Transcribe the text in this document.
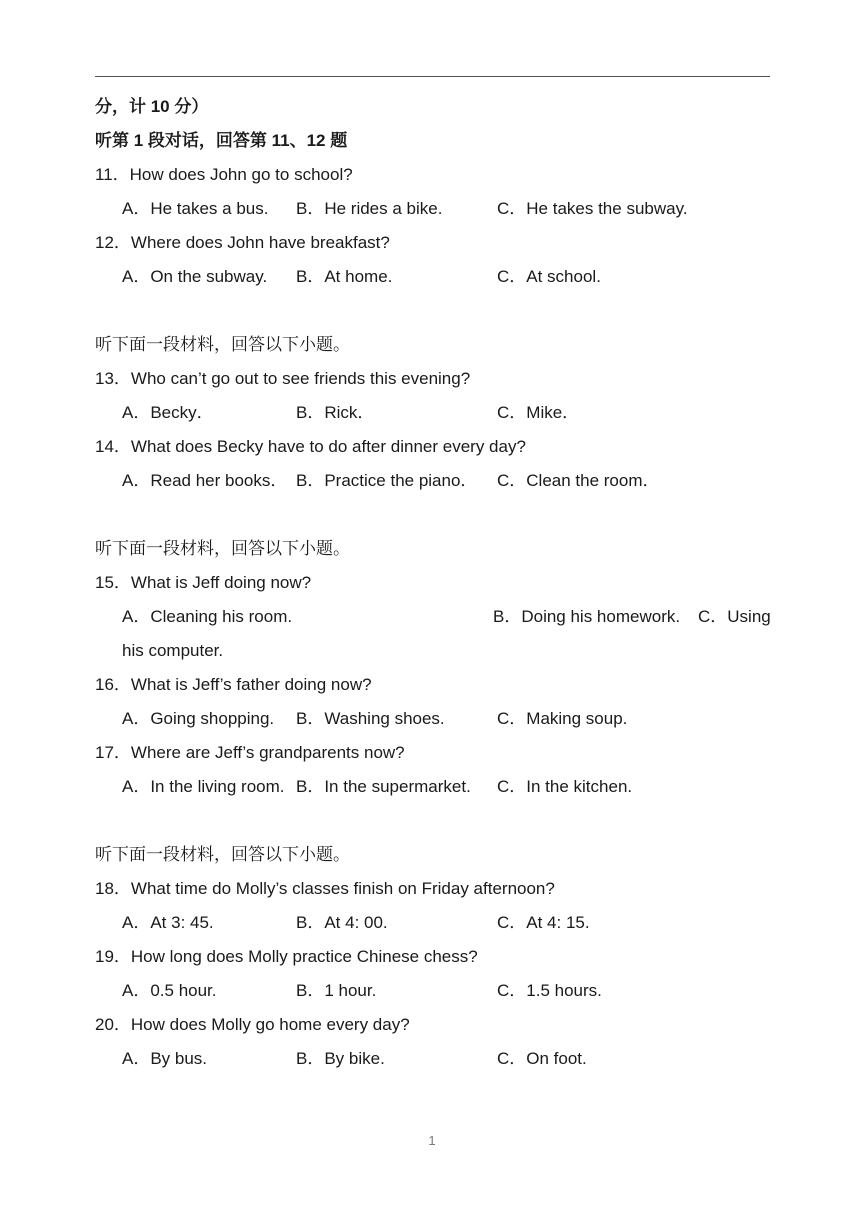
分，计 10 分）
听第 1 段对话，回答第 11、12 题
11．How does John go to school?
A．He takes a bus. B．He rides a bike.	C．He takes the subway.
12．Where does John have breakfast?
A．On the subway. B．At home.	C．At school.
听下面一段材料，回答以下小题。
13．Who can’t go out to see friends this evening?
A．Becky．	B．Rick．	C．Mike．
14．What does Becky have to do after dinner every day?
A．Read her books． B．Practice the piano． C．Clean the room．
听下面一段材料，回答以下小题。
15．What is Jeff doing now?
A．Cleaning his room.	B．Doing his homework. C．Using
his computer.
16．What is Jeff’s father doing now?
A．Going shopping. B．Washing shoes.	C．Making soup.
17．Where are Jeff’s grandparents now?
A．In the living room. B．In the supermarket. C．In the kitchen.
听下面一段材料，回答以下小题。
18．What time do Molly’s classes finish on Friday afternoon?
A．At 3: 45.	B．At 4: 00.	C．At 4: 15.
19．How long does Molly practice Chinese chess?
A．0.5 hour.	B．1 hour.	C．1.5 hours.
20．How does Molly go home every day?
A．By bus.	B．By bike.	C．On foot.
1
